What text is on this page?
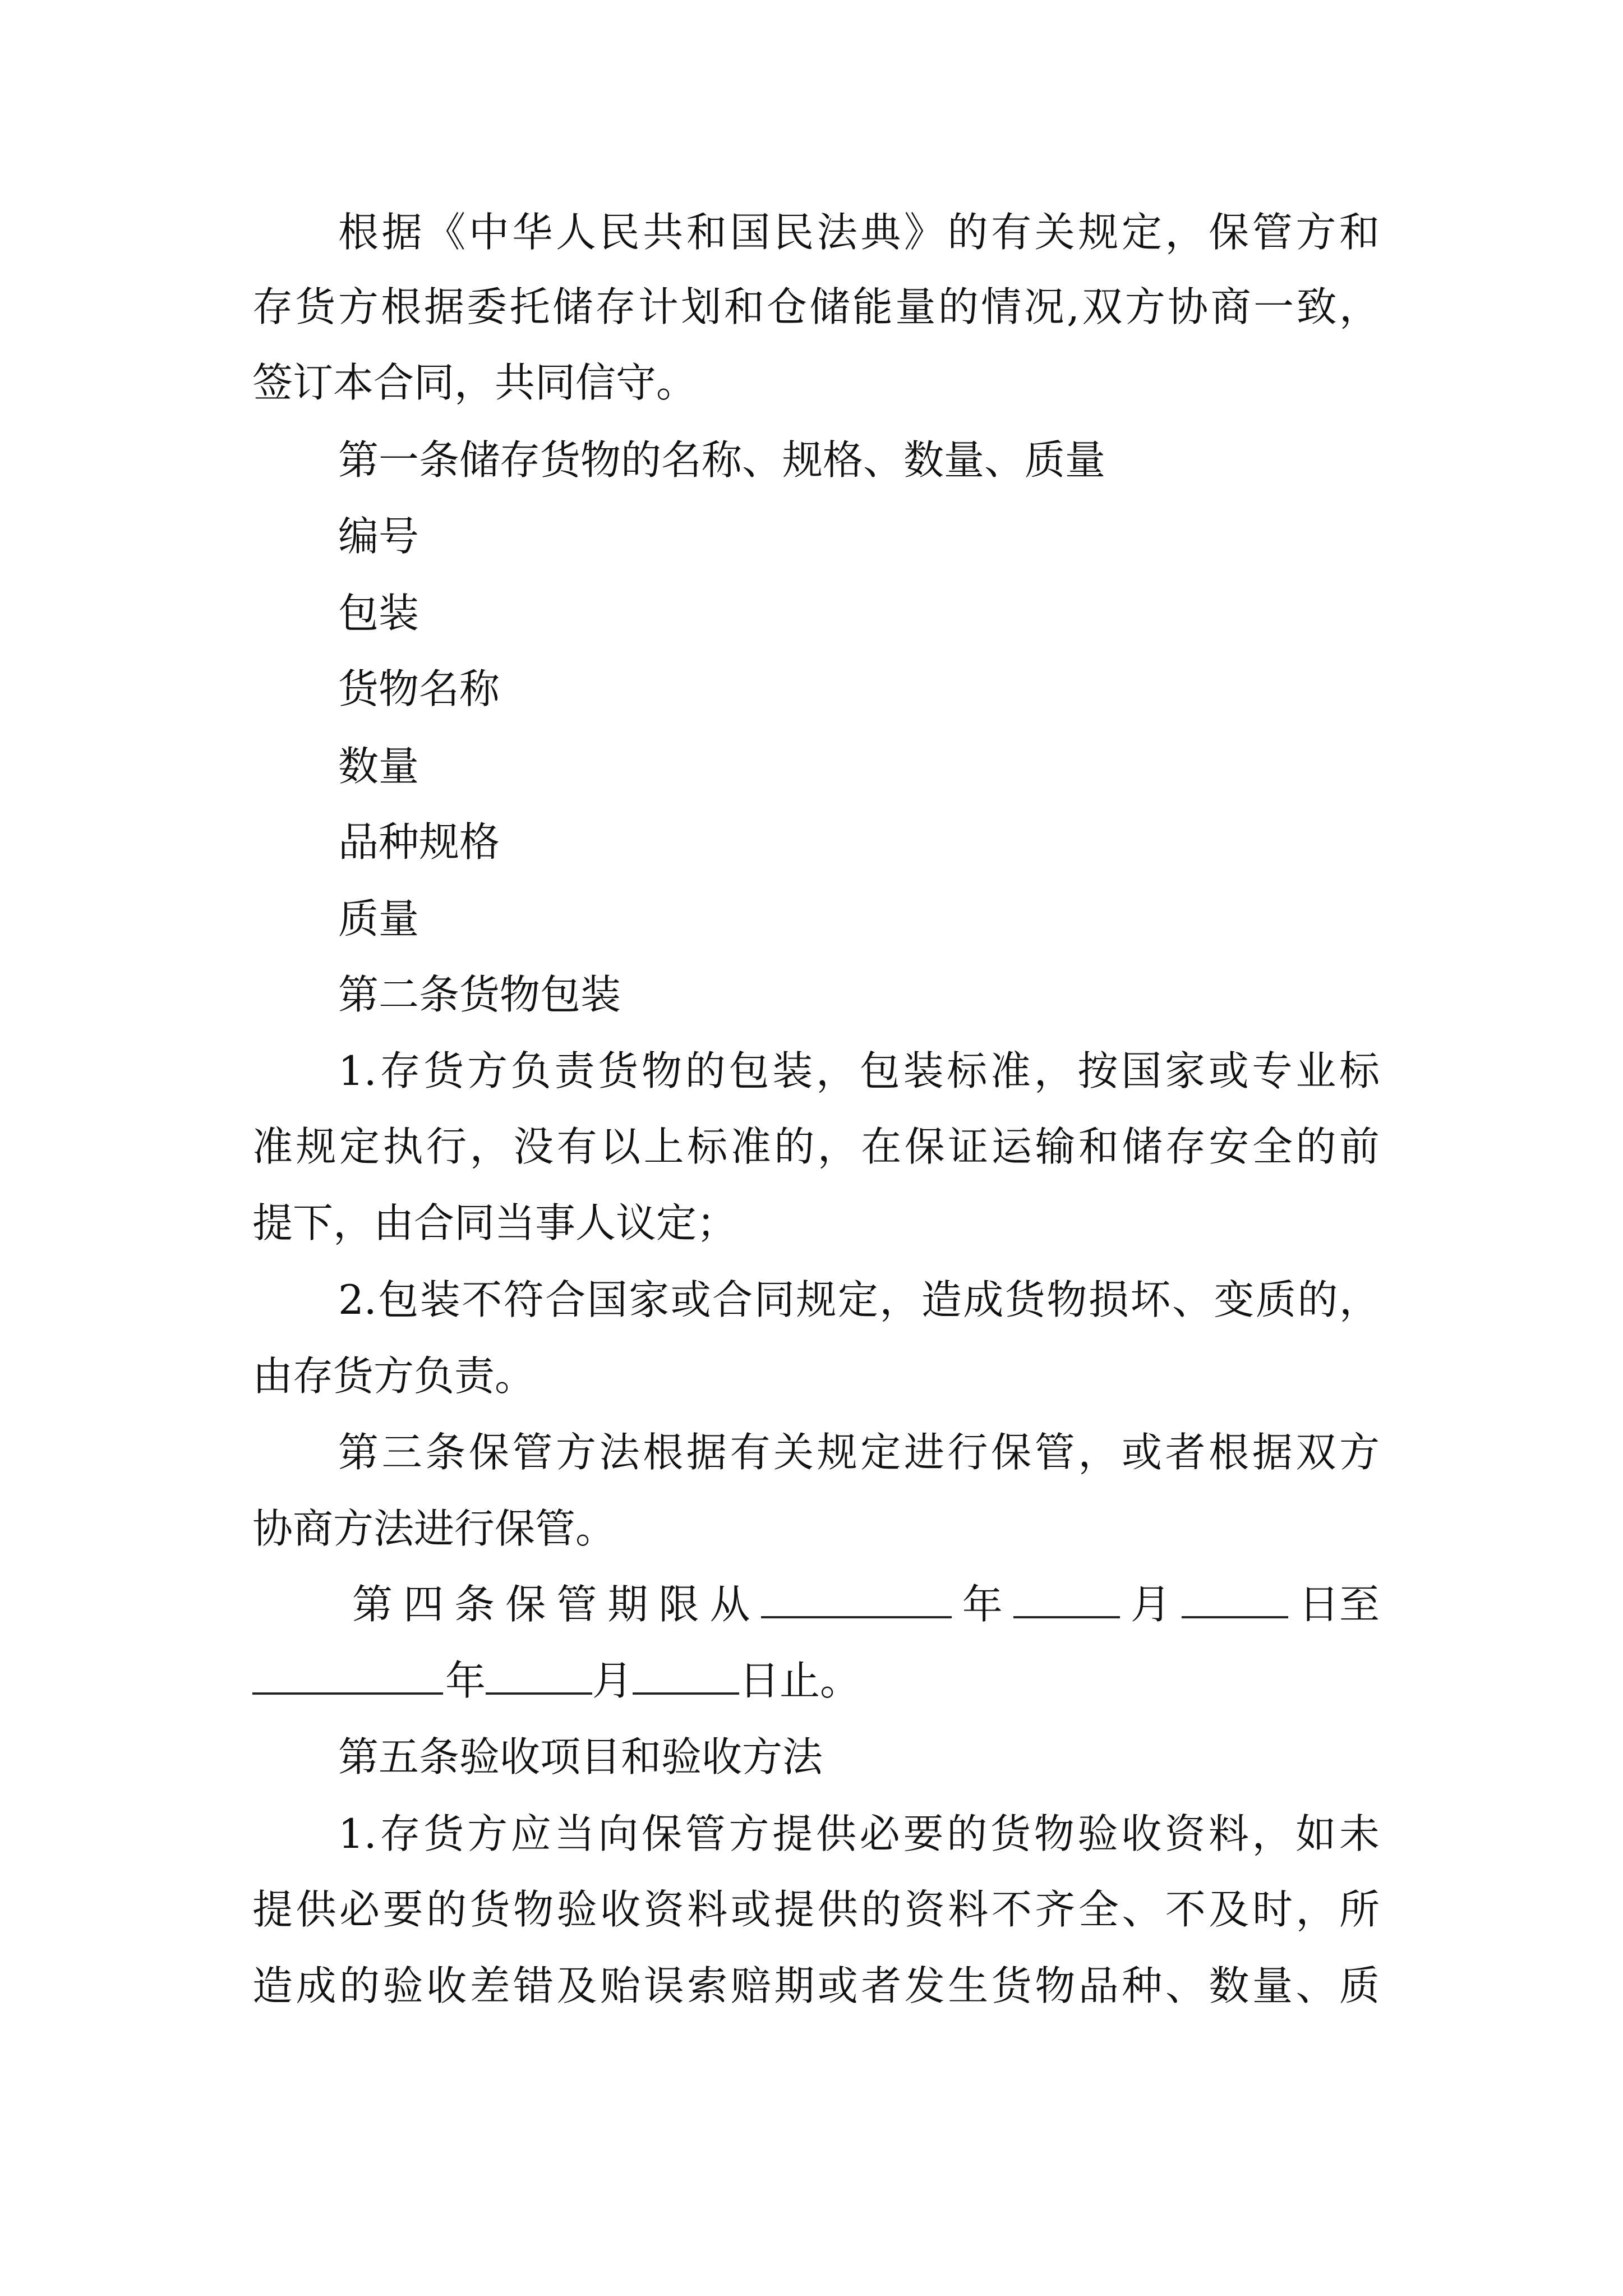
根据《中华人民共和国民法典》的有关规定，保管方和
存货方根据委托储存计划和仓储能量的情况,双方协商一致，
签订本合同，共同信守。
第一条储存货物的名称、规格、数量、质量
编号
包装
货物名称
数量
品种规格
质量
第二条货物包装
1.存货方负责货物的包装，包装标准，按国家或专业标
准规定执行，没有以上标准的，在保证运输和储存安全的前
提下，由合同当事人议定；
2.包装不符合国家或合同规定，造成货物损坏、变质的，
由存货方负责。
第三条保管方法根据有关规定进行保管，或者根据双方
协商方法进行保管。
第 四 条 保 管 期 限 从	年	月	日至
年	月	日止。
第五条验收项目和验收方法
1.存货方应当向保管方提供必要的货物验收资料，如未
提供必要的货物验收资料或提供的资料不齐全、不及时，所
造成的验收差错及贻误索赔期或者发生货物品种、数量、质
